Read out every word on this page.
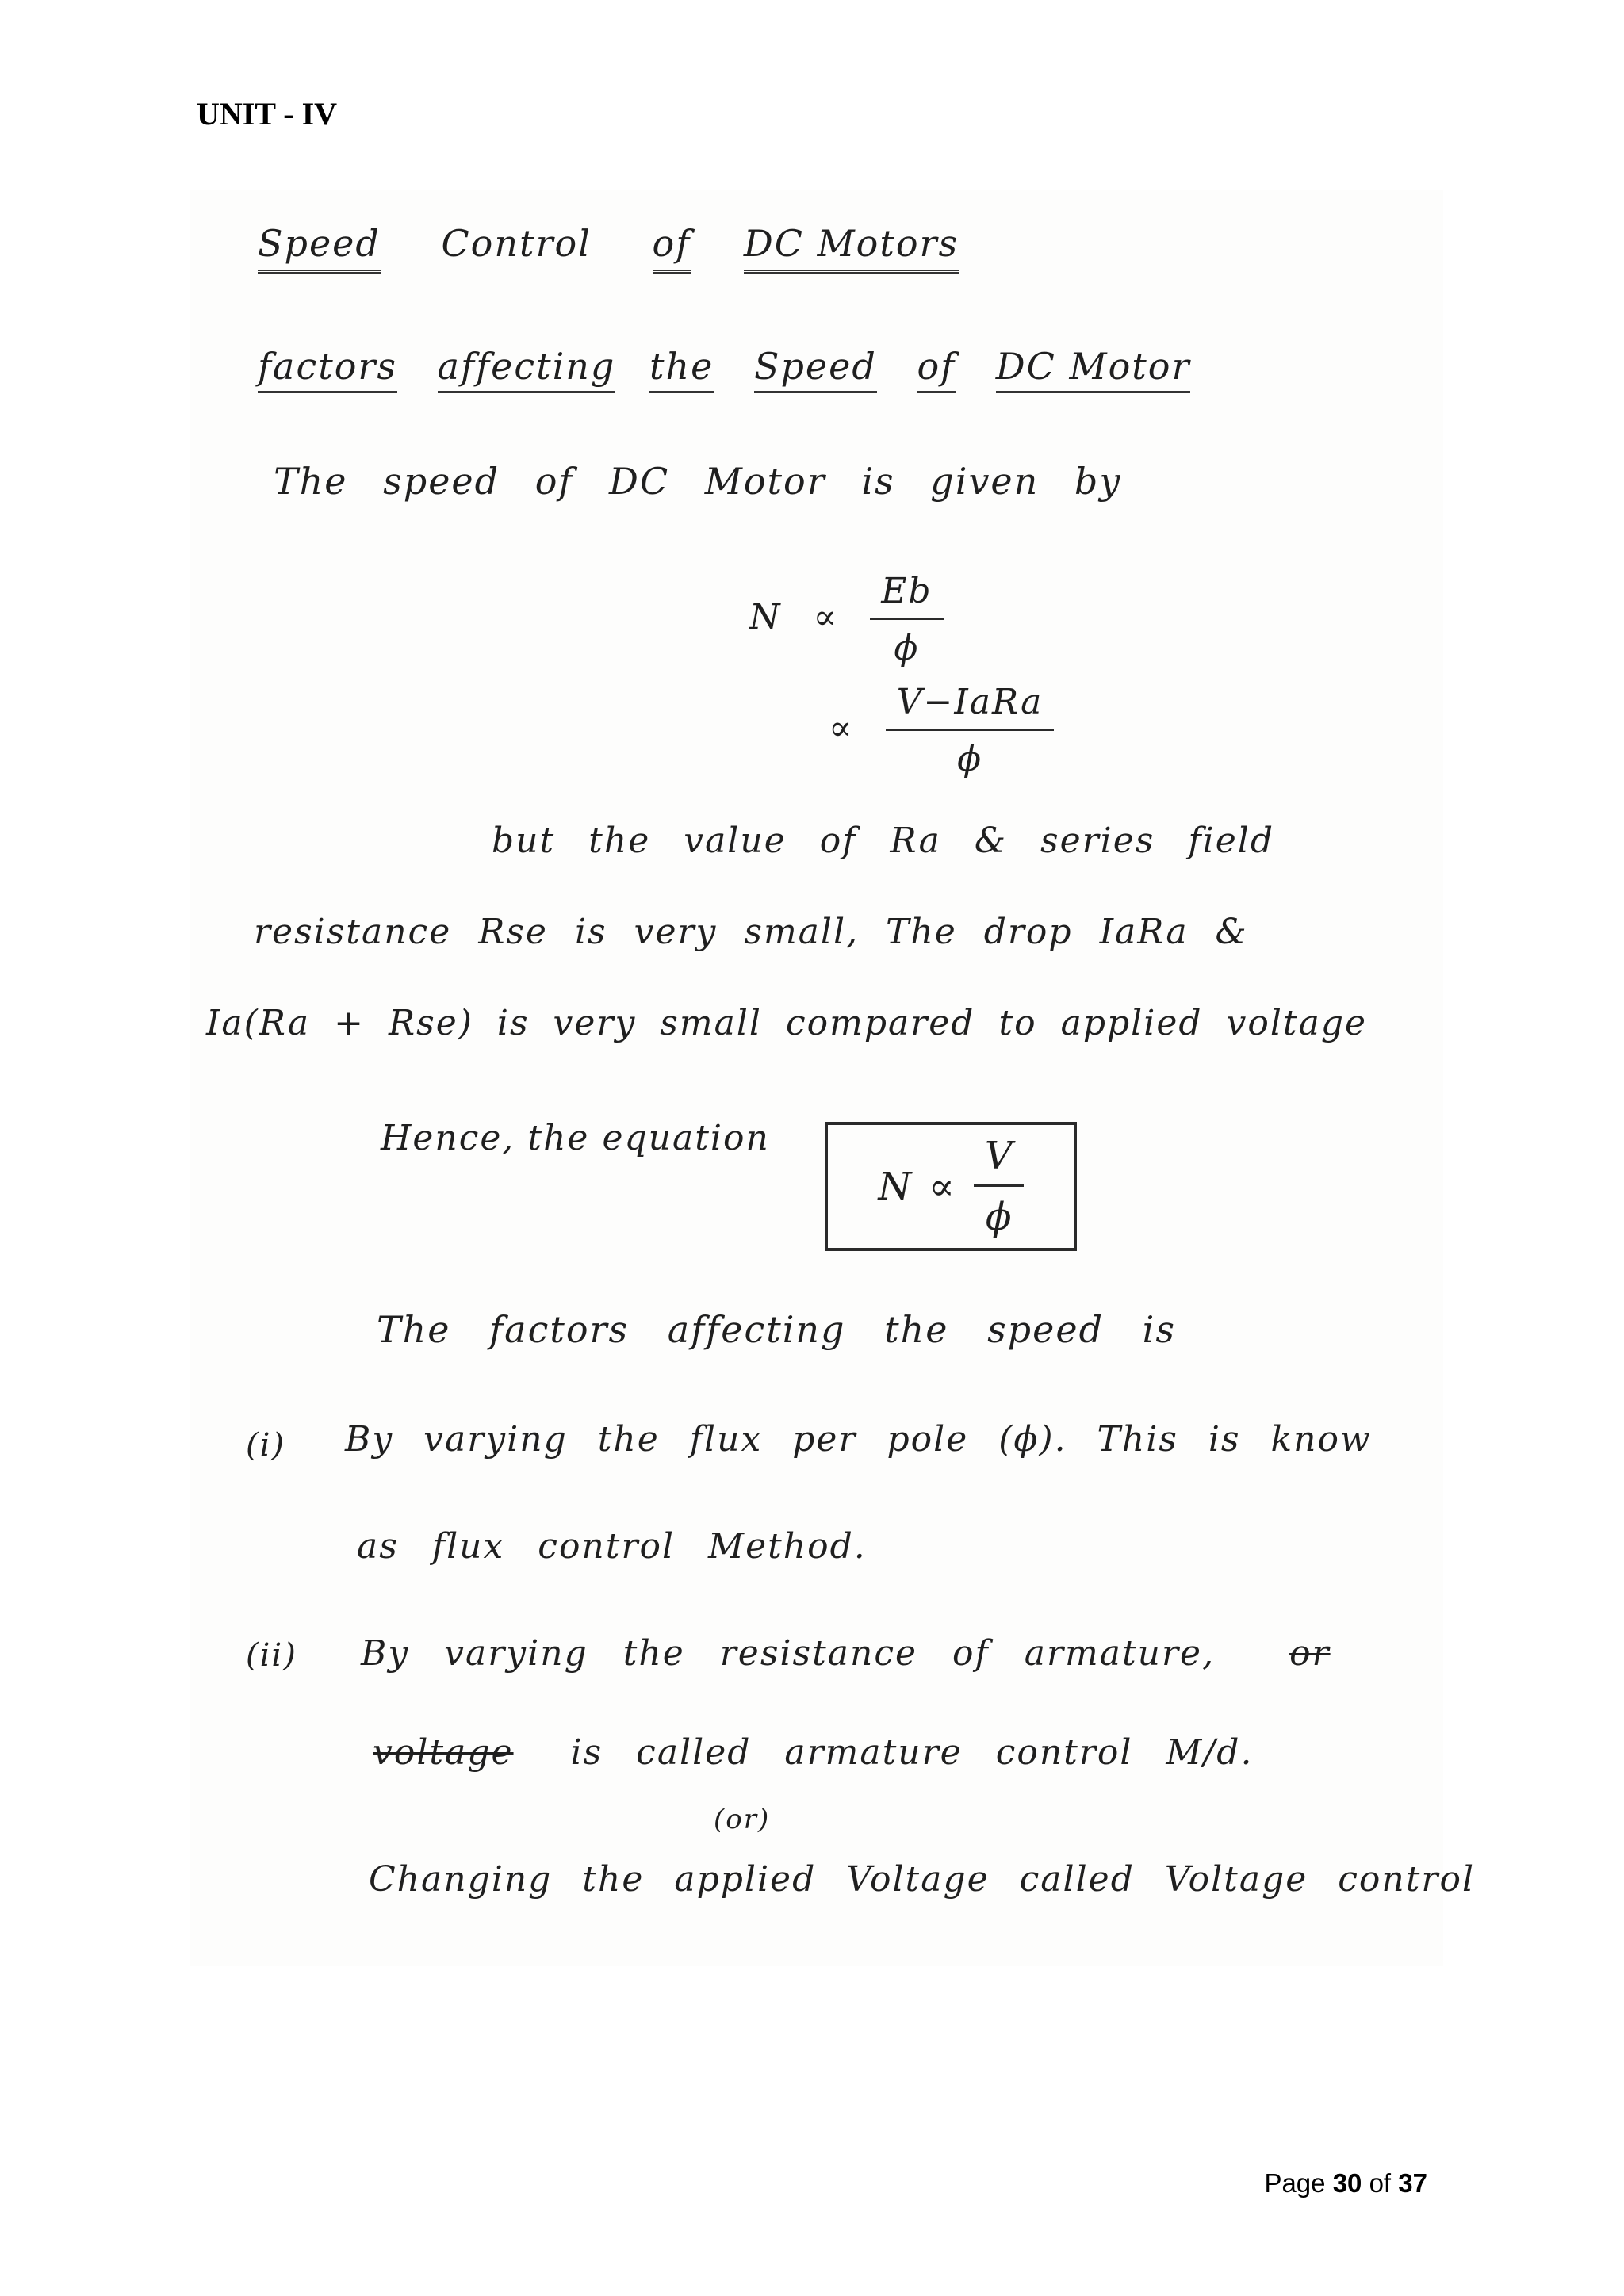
UNIT - IV
Speed Control of DC Motors
factors affecting the Speed of DC Motor
The speed of DC Motor is given by
$N \propto \frac{Eb}{\phi}$
∝ $\frac{\text{V−IaRa}}{\phi}$
but the value of Ra & series field
resistance Rse is very small, The drop IaRa &
Ia(Ra + Rse) is very small compared to applied voltage
Hence, the equation
$N \propto \frac{V}{\phi}$
The factors affecting the speed is
(i) By varying the flux per pole (ϕ). This is know
as flux control Method.
(ii) By varying the resistance of armature, or
voltage is called armature control M/d.
(or)
Changing the applied Voltage called Voltage control
Page 30 of 37
